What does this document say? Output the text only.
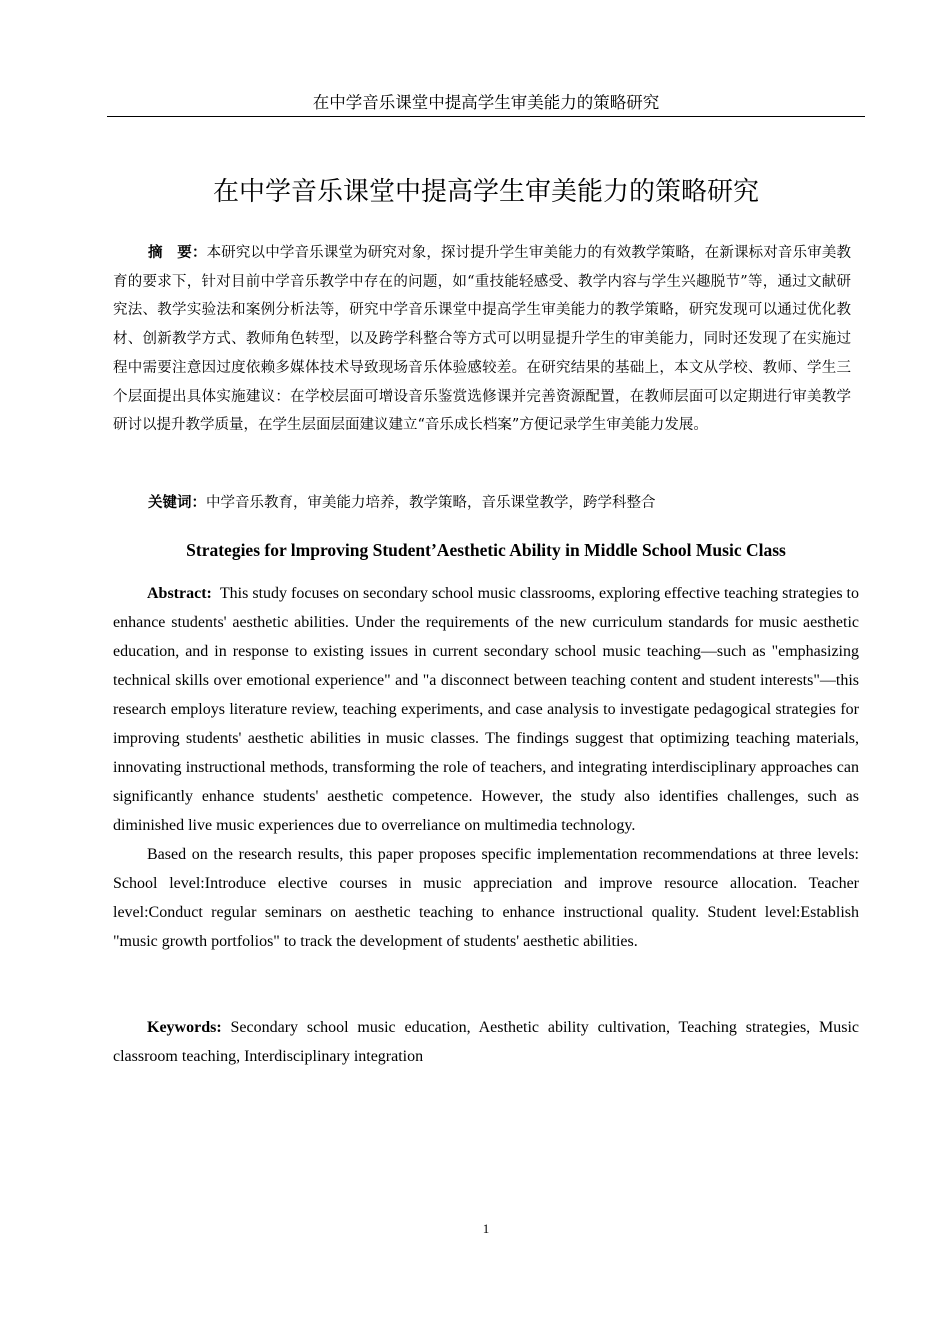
在中学音乐课堂中提高学生审美能力的策略研究
在中学音乐课堂中提高学生审美能力的策略研究
摘　要：本研究以中学音乐课堂为研究对象，探讨提升学生审美能力的有效教学策略，在新课标对音乐审美教育的要求下，针对目前中学音乐教学中存在的问题，如“重技能轻感受、教学内容与学生兴趣脱节”等，通过文献研究法、教学实验法和案例分析法等，研究中学音乐课堂中提高学生审美能力的教学策略，研究发现可以通过优化教材、创新教学方式、教师角色转型，以及跨学科整合等方式可以明显提升学生的审美能力，同时还发现了在实施过程中需要注意因过度依赖多媒体技术导致现场音乐体验感较差。在研究结果的基础上，本文从学校、教师、学生三个层面提出具体实施建议：在学校层面可增设音乐鉴赏选修课并完善资源配置，在教师层面可以定期进行审美教学研讨以提升教学质量，在学生层面层面建议建立“音乐成长档案”方便记录学生审美能力发展。
关键词：中学音乐教育，审美能力培养，教学策略，音乐课堂教学，跨学科整合
Strategies for lmproving Student’Aesthetic Ability in Middle School Music Class

Abstract: This study focuses on secondary school music classrooms, exploring effective teaching strategies to enhance students' aesthetic abilities. Under the requirements of the new curriculum standards for music aesthetic education, and in response to existing issues in current secondary school music teaching—such as "emphasizing technical skills over emotional experience" and "a disconnect between teaching content and student interests"—this research employs literature review, teaching experiments, and case analysis to investigate pedagogical strategies for improving students' aesthetic abilities in music classes. The findings suggest that optimizing teaching materials, innovating instructional methods, transforming the role of teachers, and integrating interdisciplinary approaches can significantly enhance students' aesthetic competence. However, the study also identifies challenges, such as diminished live music experiences due to overreliance on multimedia technology.

Based on the research results, this paper proposes specific implementation recommendations at three levels: School level:Introduce elective courses in music appreciation and improve resource allocation. Teacher level:Conduct regular seminars on aesthetic teaching to enhance instructional quality. Student level:Establish "music growth portfolios" to track the development of students' aesthetic abilities.

Keywords: Secondary school music education, Aesthetic ability cultivation, Teaching strategies, Music classroom teaching, Interdisciplinary integration
1
